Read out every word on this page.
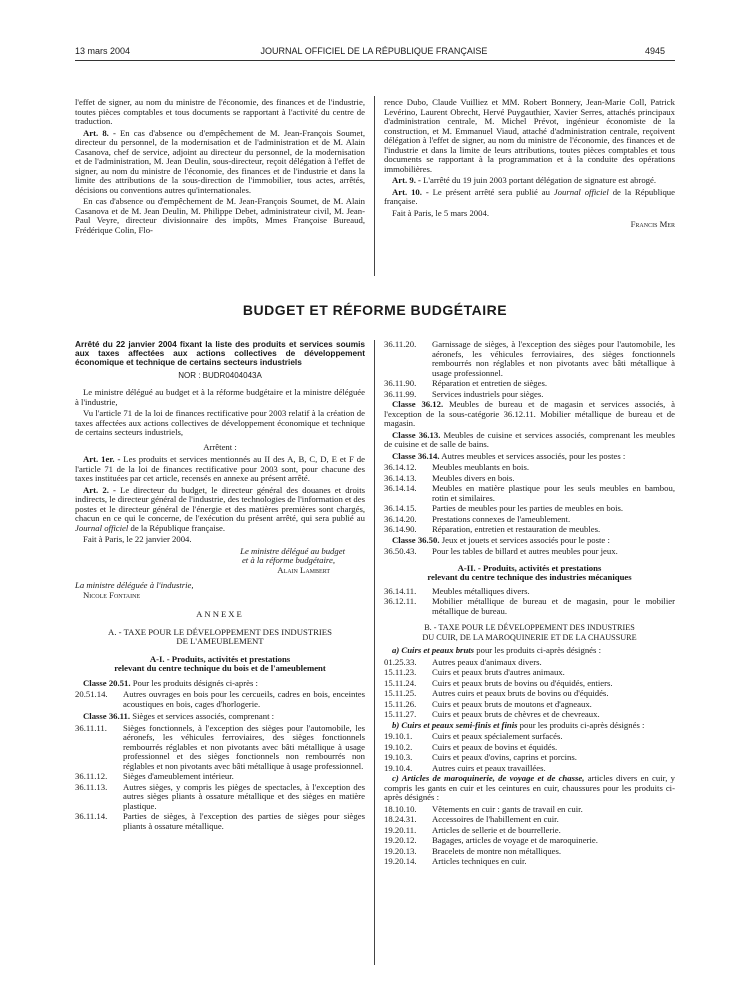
13 mars 2004	JOURNAL OFFICIEL DE LA RÉPUBLIQUE FRANÇAISE	4945

l'effet de signer, au nom du ministre de l'économie, des finances et de l'industrie, toutes pièces comptables et tous documents se rapportant à l'activité du centre de traduction.

Art. 8. - En cas d'absence ou d'empêchement de M. Jean-François Soumet, directeur du personnel, de la modernisation et de l'administration et de M. Alain Casanova, chef de service, adjoint au directeur du personnel, de la modernisation et de l'administration, M. Jean Deulin, sous-directeur, reçoit délégation à l'effet de signer, au nom du ministre de l'économie, des finances et de l'industrie et dans la limite des attributions de la sous-direction de l'immobilier, tous actes, arrêtés, décisions ou conventions autres qu'internationales.

En cas d'absence ou d'empêchement de M. Jean-François Soumet, de M. Alain Casanova et de M. Jean Deulin, M. Philippe Debet, administrateur civil, M. Jean-Paul Veyre, directeur divisionnaire des impôts, Mmes Françoise Bureaud, Frédérique Colin, Flo-

rence Dubo, Claude Vuilliez et MM. Robert Bonnery, Jean-Marie Coll, Patrick Levérino, Laurent Obrecht, Hervé Puygauthier, Xavier Serres, attachés principaux d'administration centrale, M. Michel Prévot, ingénieur économiste de la construction, et M. Emmanuel Viaud, attaché d'administration centrale, reçoivent délégation à l'effet de signer, au nom du ministre de l'économie, des finances et de l'industrie et dans la limite de leurs attributions, toutes pièces comptables et tous documents se rapportant à la programmation et à la conduite des opérations immobilières.

Art. 9. - L'arrêté du 19 juin 2003 portant délégation de signature est abrogé.

Art. 10. - Le présent arrêté sera publié au Journal officiel de la République française.

Fait à Paris, le 5 mars 2004.

Francis Mer

BUDGET ET RÉFORME BUDGÉTAIRE

Arrêté du 22 janvier 2004 fixant la liste des produits et services soumis aux taxes affectées aux actions collectives de développement économique et technique de certains secteurs industriels

NOR : BUDR0404043A

Le ministre délégué au budget et à la réforme budgétaire et la ministre déléguée à l'industrie,

Vu l'article 71 de la loi de finances rectificative pour 2003 relatif à la création de taxes affectées aux actions collectives de développement économique et technique de certains secteurs industriels,

Arrêtent :

Art. 1er. - Les produits et services mentionnés au II des A, B, C, D, E et F de l'article 71 de la loi de finances rectificative pour 2003 sont, pour chacune des taxes instituées par cet article, recensés en annexe au présent arrêté.

Art. 2. - Le directeur du budget, le directeur général des douanes et droits indirects, le directeur général de l'industrie, des technologies de l'information et des postes et le directeur général de l'énergie et des matières premières sont chargés, chacun en ce qui le concerne, de l'exécution du présent arrêté, qui sera publié au Journal officiel de la République française.

Fait à Paris, le 22 janvier 2004.

Le ministre délégué au budget

et à la réforme budgétaire,

Alain Lambert

La ministre déléguée à l'industrie,

Nicole Fontaine

ANNEXE

A. - TAXE POUR LE DÉVELOPPEMENT DES INDUSTRIES

DE L'AMEUBLEMENT

A-I. - Produits, activités et prestations

relevant du centre technique du bois et de l'ameublement

Classe 20.51. Pour les produits désignés ci-après :

20.51.14.	Autres ouvrages en bois pour les cercueils, cadres en bois, enceintes acoustiques en bois, cages d'horlogerie.

Classe 36.11. Sièges et services associés, comprenant :

36.11.11.	Sièges fonctionnels, à l'exception des sièges pour l'automobile, les aéronefs, les véhicules ferroviaires, des sièges fonctionnels rembourrés réglables et non pivotants avec bâti métallique à usage professionnel et des sièges fonctionnels non rembourrés non réglables et non pivotants avec bâti métallique à usage professionnel.
36.11.12.	Sièges d'ameublement intérieur.
36.11.13.	Autres sièges, y compris les pièges de spectacles, à l'exception des autres sièges pliants à ossature métallique et des sièges en matière plastique.
36.11.14.	Parties de sièges, à l'exception des parties de sièges pour sièges pliants à ossature métallique.
36.11.20.	Garnissage de sièges, à l'exception des sièges pour l'automobile, les aéronefs, les véhicules ferroviaires, des sièges fonctionnels rembourrés non réglables et non pivotants avec bâti métallique à usage professionnel.
36.11.90.	Réparation et entretien de sièges.
36.11.99.	Services industriels pour sièges.

Classe 36.12. Meubles de bureau et de magasin et services associés, à l'exception de la sous-catégorie 36.12.11. Mobilier métallique de bureau et de magasin.

Classe 36.13. Meubles de cuisine et services associés, comprenant les meubles de cuisine et de salle de bains.

Classe 36.14. Autres meubles et services associés, pour les postes :

36.14.12.	Meubles meublants en bois.
36.14.13.	Meubles divers en bois.
36.14.14.	Meubles en matière plastique pour les seuls meubles en bambou, rotin et similaires.
36.14.15.	Parties de meubles pour les parties de meubles en bois.
36.14.20.	Prestations connexes de l'ameublement.
36.14.90.	Réparation, entretien et restauration de meubles.

Classe 36.50. Jeux et jouets et services associés pour le poste :

36.50.43.	Pour les tables de billard et autres meubles pour jeux.

A-II. - Produits, activités et prestations

relevant du centre technique des industries mécaniques

36.14.11.	Meubles métalliques divers.
36.12.11.	Mobilier métallique de bureau et de magasin, pour le mobilier métallique de bureau.

B. - TAXE POUR LE DÉVELOPPEMENT DES INDUSTRIES

DU CUIR, DE LA MAROQUINERIE ET DE LA CHAUSSURE

a) Cuirs et peaux bruts pour les produits ci-après désignés :

01.25.33.	Autres peaux d'animaux divers.
15.11.23.	Cuirs et peaux bruts d'autres animaux.
15.11.24.	Cuirs et peaux bruts de bovins ou d'équidés, entiers.
15.11.25.	Autres cuirs et peaux bruts de bovins ou d'équidés.
15.11.26.	Cuirs et peaux bruts de moutons et d'agneaux.
15.11.27.	Cuirs et peaux bruts de chèvres et de chevreaux.

b) Cuirs et peaux semi-finis et finis pour les produits ci-après désignés :

19.10.1.	Cuirs et peaux spécialement surfacés.
19.10.2.	Cuirs et peaux de bovins et équidés.
19.10.3.	Cuirs et peaux d'ovins, caprins et porcins.
19.10.4.	Autres cuirs et peaux travaillées.

c) Articles de maroquinerie, de voyage et de chasse, articles divers en cuir, y compris les gants en cuir et les ceintures en cuir, chaussures pour les produits ci-après désignés :

18.10.10.	Vêtements en cuir : gants de travail en cuir.
18.24.31.	Accessoires de l'habillement en cuir.
19.20.11.	Articles de sellerie et de bourrellerie.
19.20.12.	Bagages, articles de voyage et de maroquinerie.
19.20.13.	Bracelets de montre non métalliques.
19.20.14.	Articles techniques en cuir.
